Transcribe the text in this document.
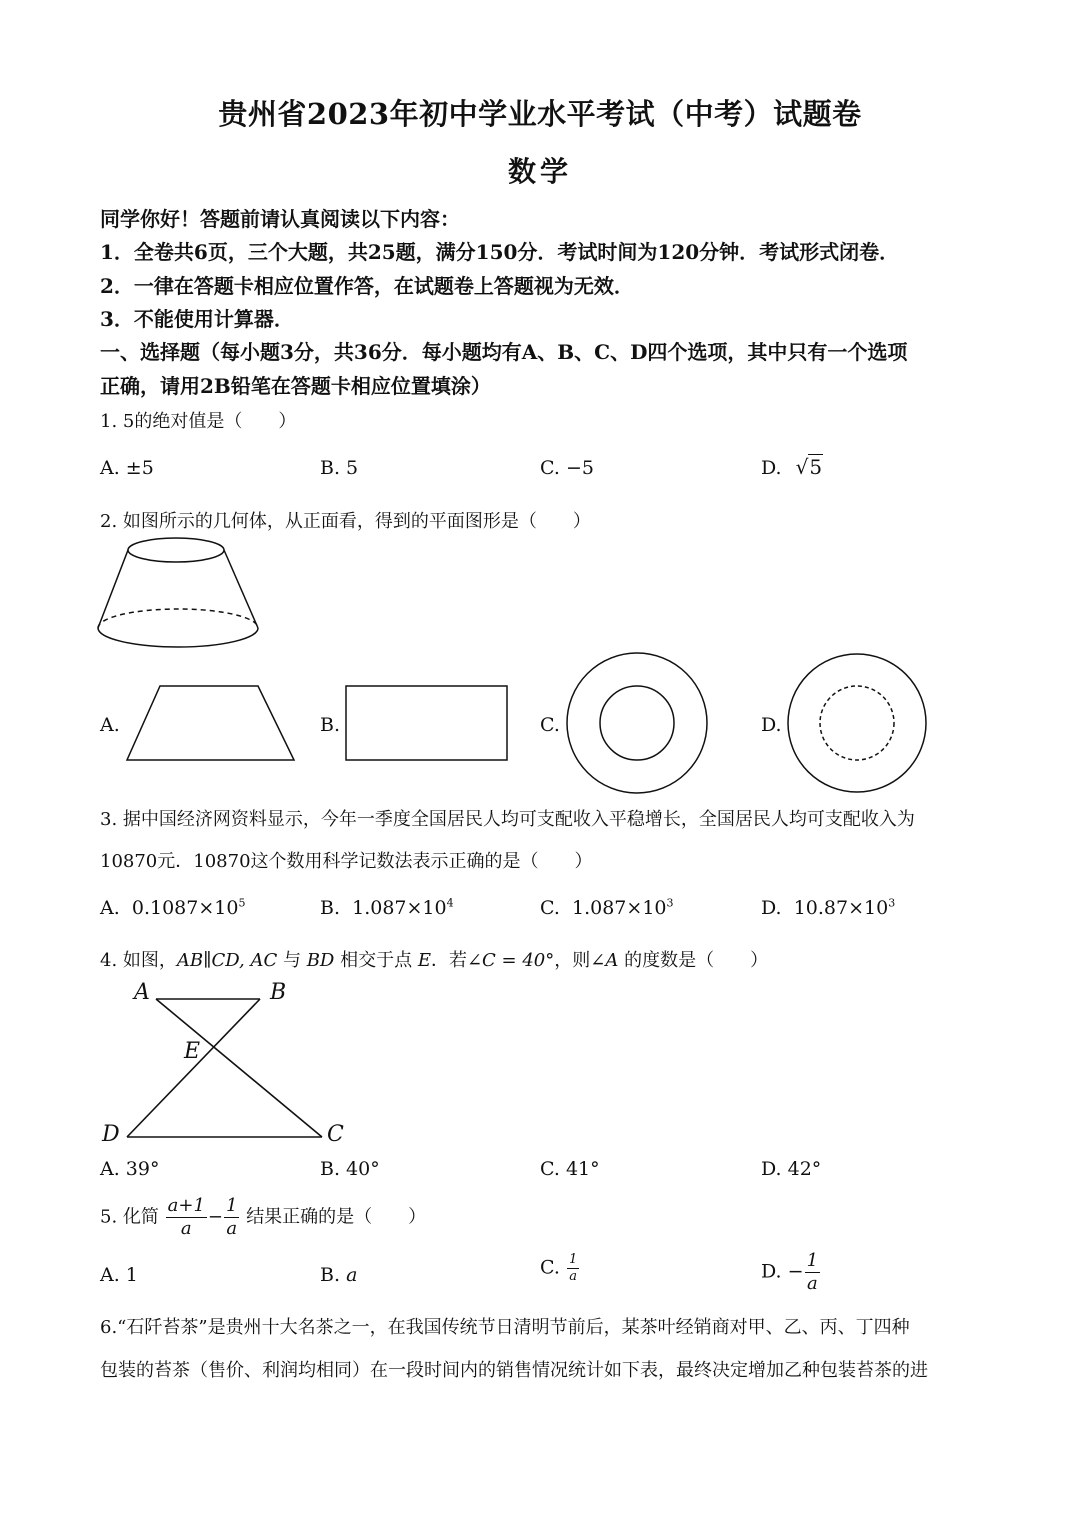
贵州省2023年初中学业水平考试（中考）试题卷
数学
同学你好！答题前请认真阅读以下内容：
1．全卷共6页，三个大题，共25题，满分150分．考试时间为120分钟．考试形式闭卷．
2．一律在答题卡相应位置作答，在试题卷上答题视为无效．
3．不能使用计算器．
一、选择题（每小题3分，共36分．每小题均有A、B、C、D四个选项，其中只有一个选项
正确，请用2B铅笔在答题卡相应位置填涂）
1. 5的绝对值是（　　）
A. ±5	B. 5	C. −5	D. √5
2. 如图所示的几何体，从正面看，得到的平面图形是（　　）
A.	B.	C.	D.
3. 据中国经济网资料显示，今年一季度全国居民人均可支配收入平稳增长，全国居民人均可支配收入为
10870元．10870这个数用科学记数法表示正确的是（　　）
A. $0.1087\times 10^5$	B. $1.087\times 10^4$	C. $1.087\times 10^3$	D. $10.87\times 10^3$
4. 如图，AB∥CD, AC 与 BD 相交于点 E．若∠C = 40°，则∠A 的度数是（　　）
A	B
E
D	C
A. 39°	B. 40°	C. 41°	D. 42°
5. 化简 $\frac{a+1}{a} - \frac{1}{a}$ 结果正确的是（　　）
A. 1	B. a	C. $\frac{1}{a}$	D. − $\frac{1}{a}$
6.“石阡苔茶”是贵州十大名茶之一，在我国传统节日清明节前后，某茶叶经销商对甲、乙、丙、丁四种
包装的苔茶（售价、利润均相同）在一段时间内的销售情况统计如下表，最终决定增加乙种包装苔茶的进
